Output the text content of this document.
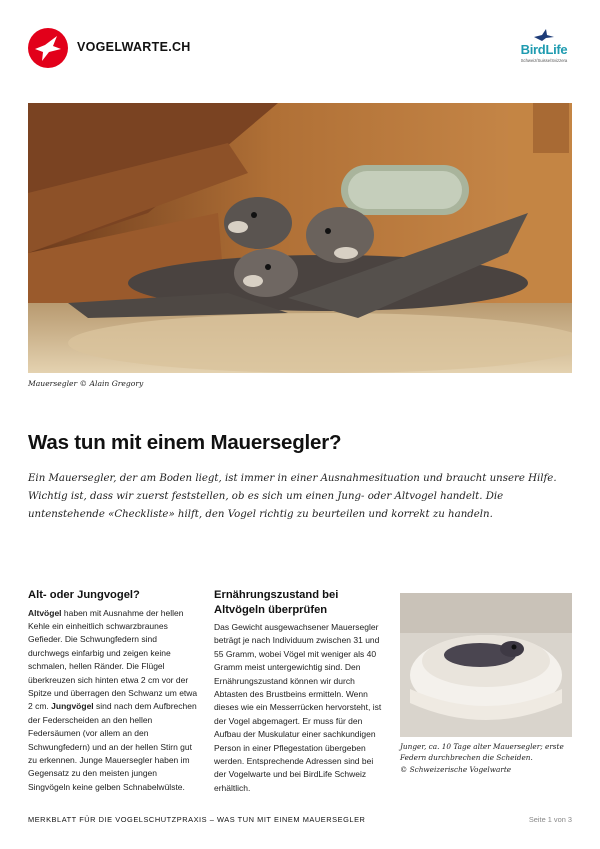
VOGELWARTE.CH	BirdLife
Schweiz/Suisse/Svizzera
Mauersegler © Alain Gregory
Was tun mit einem Mauersegler?

Ein Mauersegler, der am Boden liegt, ist immer in einer Ausnahmesituation und braucht unsere Hilfe. Wichtig ist, dass wir zuerst feststellen, ob es sich um einen Jung- oder Altvogel handelt. Die untenstehende «Checkliste» hilft, den Vogel richtig zu beurteilen und korrekt zu handeln.

Alt- oder Jungvogel?

Altvögel haben mit Ausnahme der hellen Kehle ein einheitlich schwarzbraunes Gefieder. Die Schwungfedern sind durchwegs einfarbig und zeigen keine schmalen, hellen Ränder. Die Flügel überkreuzen sich hinten etwa 2 cm vor der Spitze und überragen den Schwanz um etwa 2 cm. Jungvögel sind nach dem Aufbrechen der Federscheiden an den hellen Federsäumen (vor allem an den Schwungfedern) und an der hellen Stirn gut zu erkennen. Junge Mauersegler haben im Gegensatz zu den meisten jungen Singvögeln keine gelben Schnabelwülste.

Ernährungszustand bei Altvögeln überprüfen

Das Gewicht ausgewachsener Mauersegler beträgt je nach Individuum zwischen 31 und 55 Gramm, wobei Vögel mit weniger als 40 Gramm meist untergewichtig sind. Den Ernährungszustand können wir durch Abtasten des Brustbeins ermitteln. Wenn dieses wie ein Messerrücken hervorsteht, ist der Vogel abgemagert. Er muss für den Aufbau der Muskulatur einer sachkundigen Person in einer Pflegestation übergeben werden. Entsprechende Adressen sind bei der Vogelwarte und bei BirdLife Schweiz erhältlich.

Junger, ca. 10 Tage alter Mauersegler; erste Federn durchbrechen die Scheiden.
© Schweizerische Vogelwarte
MERKBLATT FÜR DIE VOGELSCHUTZPRAXIS – WAS TUN MIT EINEM MAUERSEGLER	Seite 1 von 3
